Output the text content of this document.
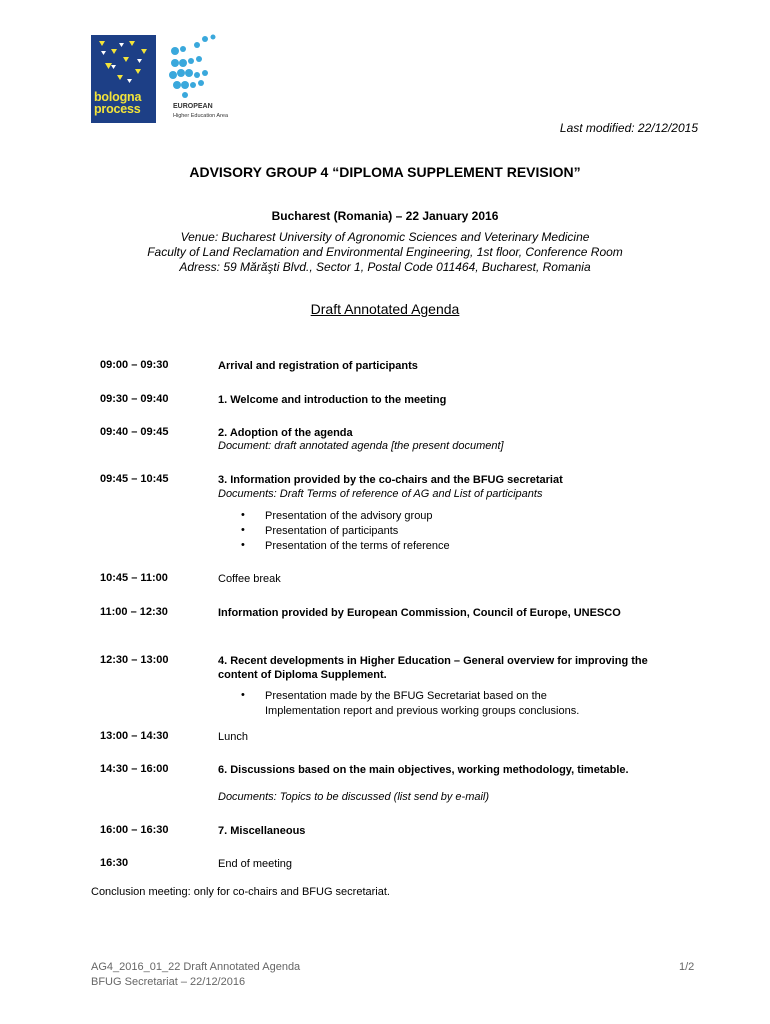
bologna
process	EUROPEAN
Higher Education Area
Last modified: 22/12/2015
ADVISORY GROUP 4 “DIPLOMA SUPPLEMENT REVISION”
Bucharest (Romania) – 22 January 2016
Venue: Bucharest University of Agronomic Sciences and Veterinary Medicine
Faculty of Land Reclamation and Environmental Engineering, 1st floor, Conference Room
Adress: 59 Mărăşti Blvd., Sector 1, Postal Code 011464, Bucharest, Romania
Draft Annotated Agenda
09:00 – 09:30	Arrival and registration of participants
09:30 – 09:40	1. Welcome and introduction to the meeting
09:40 – 09:45	2. Adoption of the agenda
Document: draft annotated agenda [the present document]
09:45 – 10:45	3. Information provided by the co-chairs and the BFUG secretariat
Documents: Draft Terms of reference of AG and List of participants
• Presentation of the advisory group
• Presentation of participants
• Presentation of the terms of reference
10:45 – 11:00	Coffee break
11:00 – 12:30	Information provided by European Commission, Council of Europe, UNESCO
12:30 – 13:00	4. Recent developments in Higher Education – General overview for improving the content of Diploma Supplement.
• Presentation made by the BFUG Secretariat based on the
Implementation report and previous working groups conclusions.
13:00 – 14:30	Lunch
14:30 – 16:00	6. Discussions based on the main objectives, working methodology, timetable.
Documents: Topics to be discussed (list send by e-mail)
16:00 – 16:30	7. Miscellaneous
16:30	End of meeting
Conclusion meeting: only for co-chairs and BFUG secretariat.
AG4_2016_01_22 Draft Annotated Agenda
BFUG Secretariat – 22/12/2016
1/2
